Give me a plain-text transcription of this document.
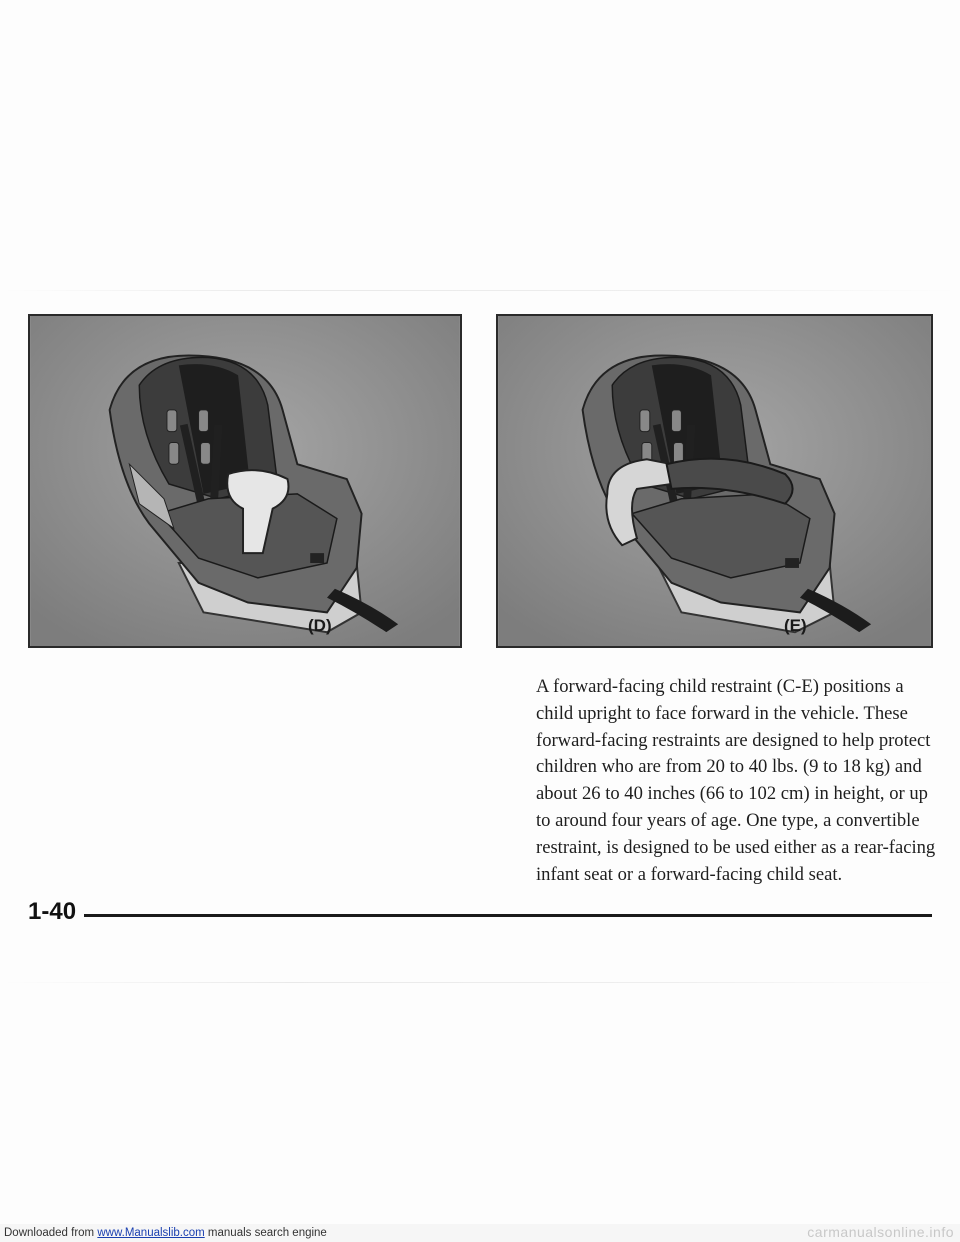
(D)	(E)

A forward-facing child restraint (C-E) positions a child upright to face forward in the vehicle. These forward-facing restraints are designed to help protect children who are from 20 to 40 lbs. (9 to 18 kg) and about 26 to 40 inches (66 to 102 cm) in height, or up to around four years of age. One type, a convertible restraint, is designed to be used either as a rear-facing infant seat or a forward-facing child seat.

1-40
Downloaded from www.Manualslib.com manuals search engine	carmanualsonline.info
